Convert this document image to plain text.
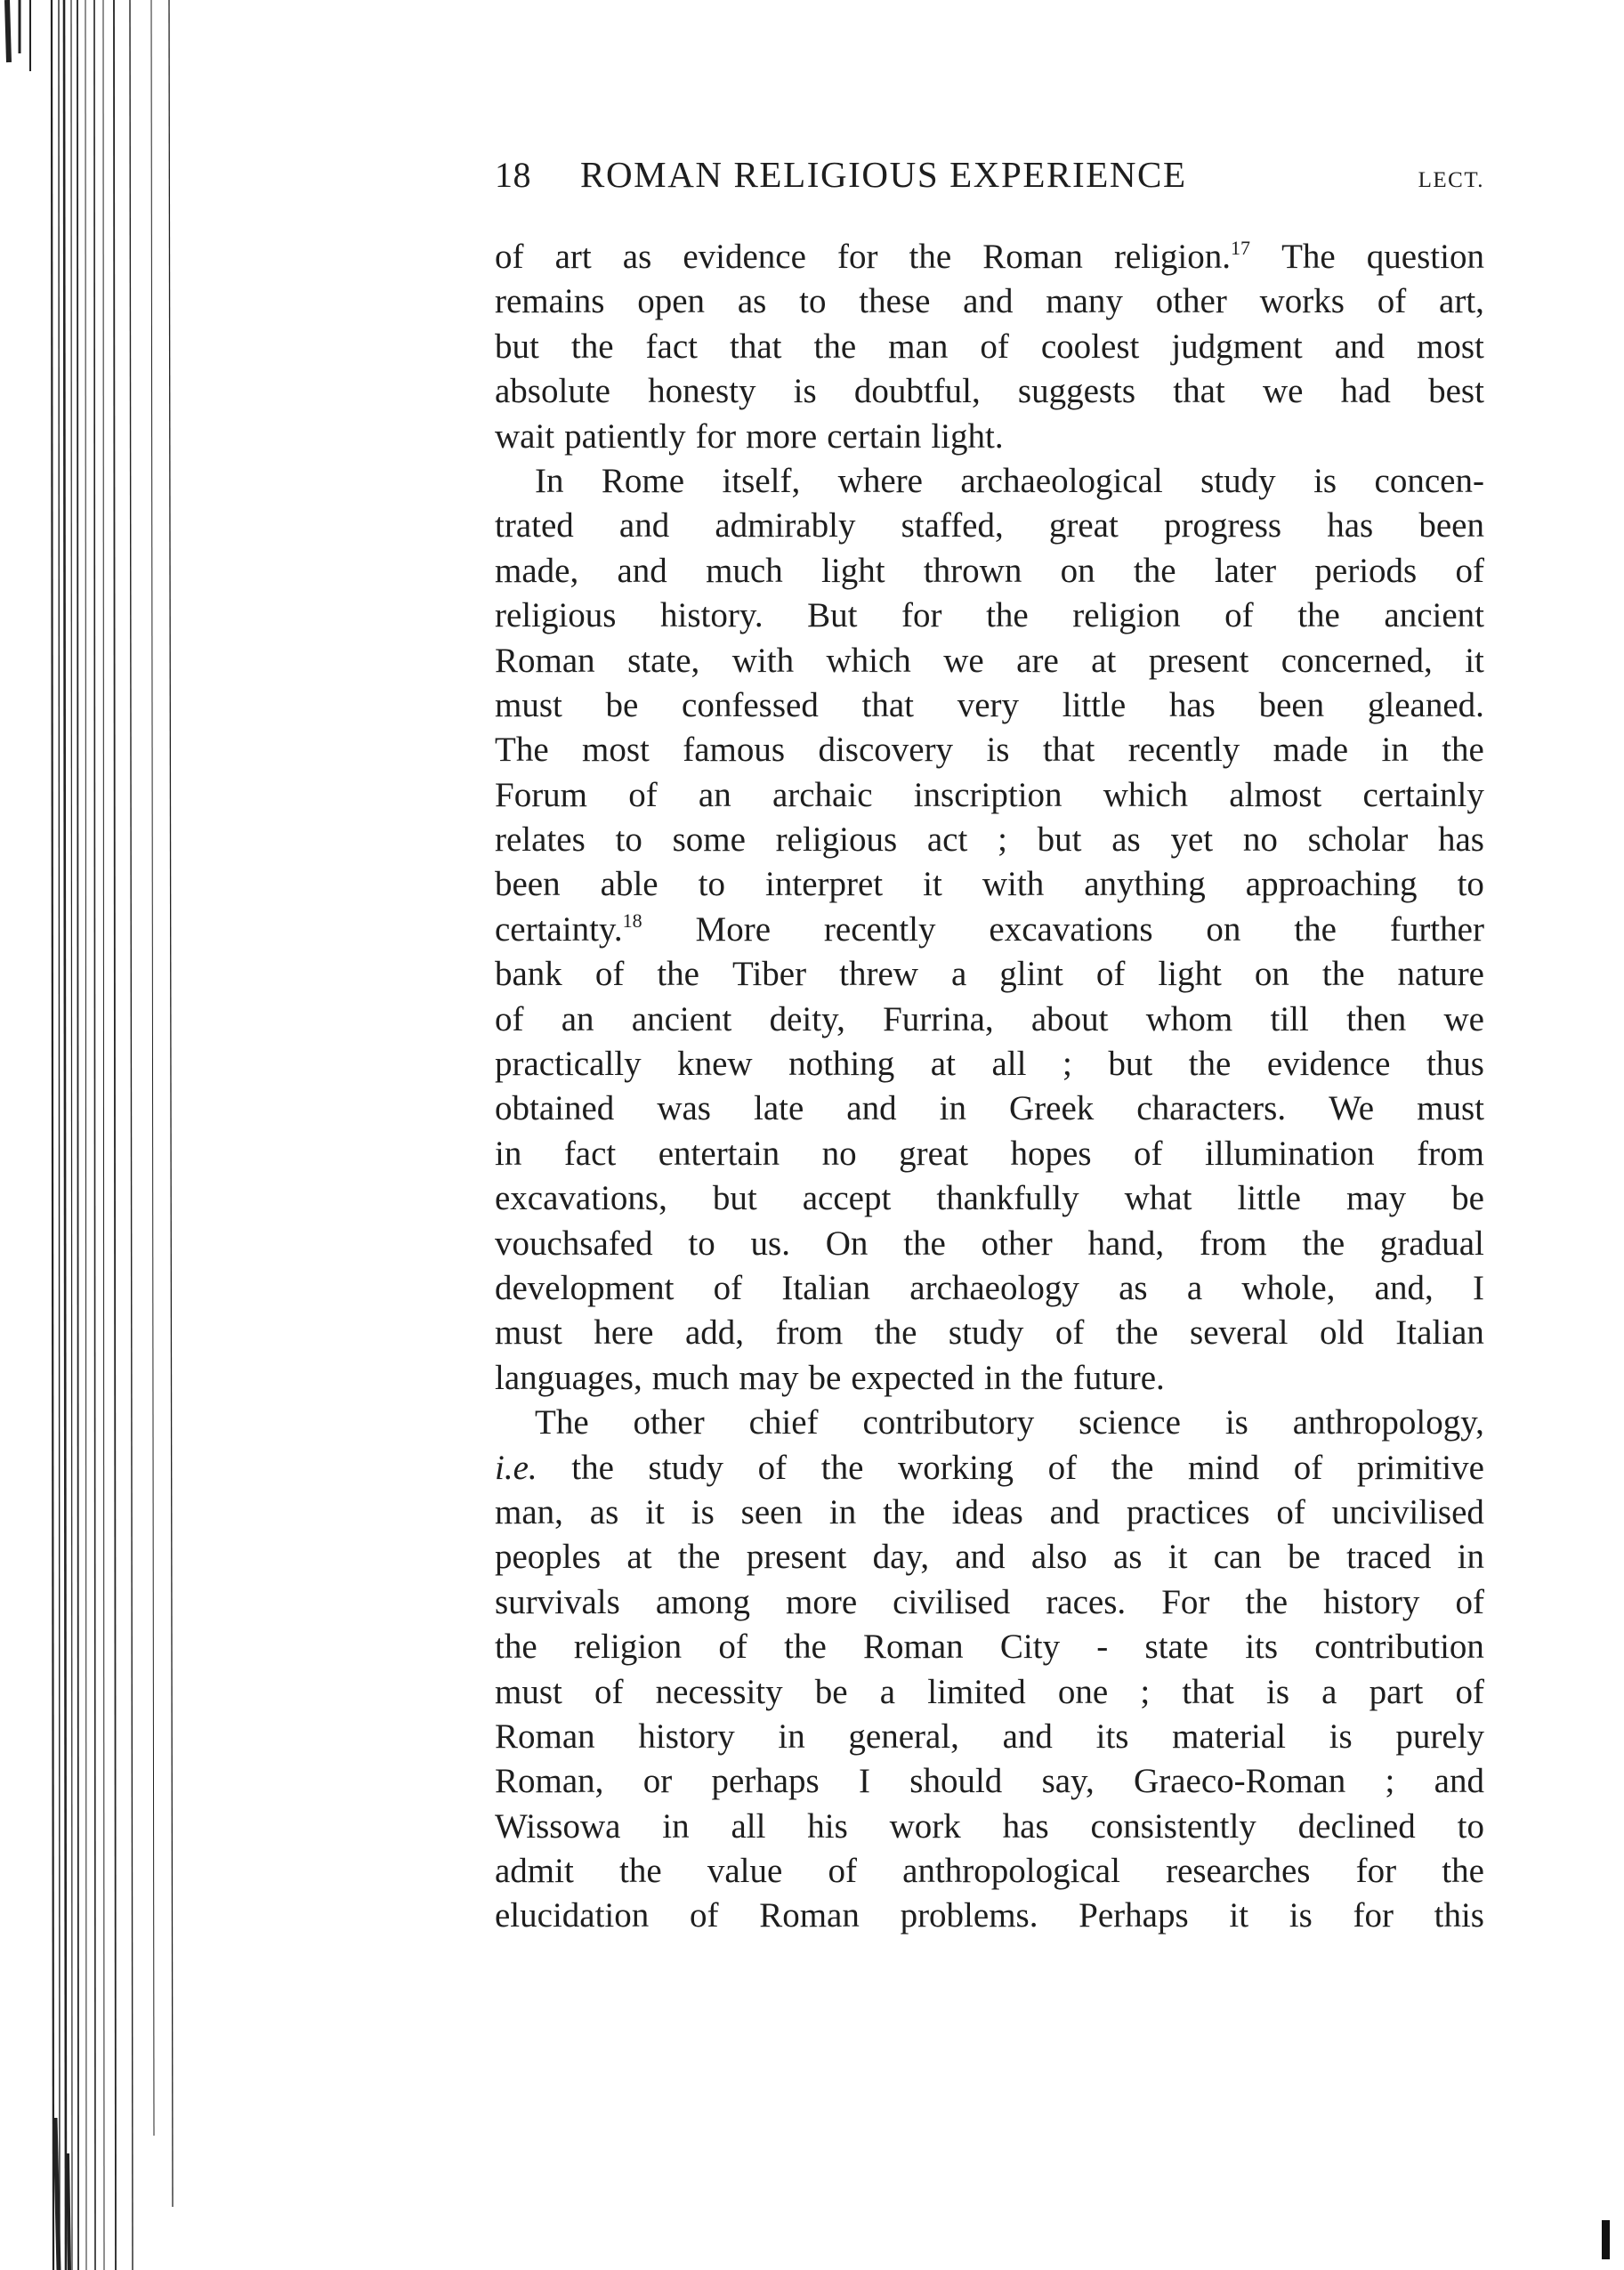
18	ROMAN RELIGIOUS EXPERIENCE	LECT.
of art as evidence for the Roman religion.$^{17}$ The question
remains open as to these and many other works of art,
but the fact that the man of coolest judgment and most
absolute honesty is doubtful, suggests that we had best
wait patiently for more certain light.
In Rome itself, where archaeological study is concen-
trated and admirably staffed, great progress has been
made, and much light thrown on the later periods of
religious history. But for the religion of the ancient
Roman state, with which we are at present concerned, it
must be confessed that very little has been gleaned.
The most famous discovery is that recently made in the
Forum of an archaic inscription which almost certainly
relates to some religious act ; but as yet no scholar has
been able to interpret it with anything approaching to
certainty.$^{18}$ More recently excavations on the further
bank of the Tiber threw a glint of light on the nature
of an ancient deity, Furrina, about whom till then we
practically knew nothing at all ; but the evidence thus
obtained was late and in Greek characters. We must
in fact entertain no great hopes of illumination from
excavations, but accept thankfully what little may be
vouchsafed to us. On the other hand, from the gradual
development of Italian archaeology as a whole, and, I
must here add, from the study of the several old Italian
languages, much may be expected in the future.
The other chief contributory science is anthropology,
i.e. the study of the working of the mind of primitive
man, as it is seen in the ideas and practices of uncivilised
peoples at the present day, and also as it can be traced in
survivals among more civilised races. For the history of
the religion of the Roman City - state its contribution
must of necessity be a limited one ; that is a part of
Roman history in general, and its material is purely
Roman, or perhaps I should say, Graeco-Roman ; and
Wissowa in all his work has consistently declined to
admit the value of anthropological researches for the
elucidation of Roman problems. Perhaps it is for this
